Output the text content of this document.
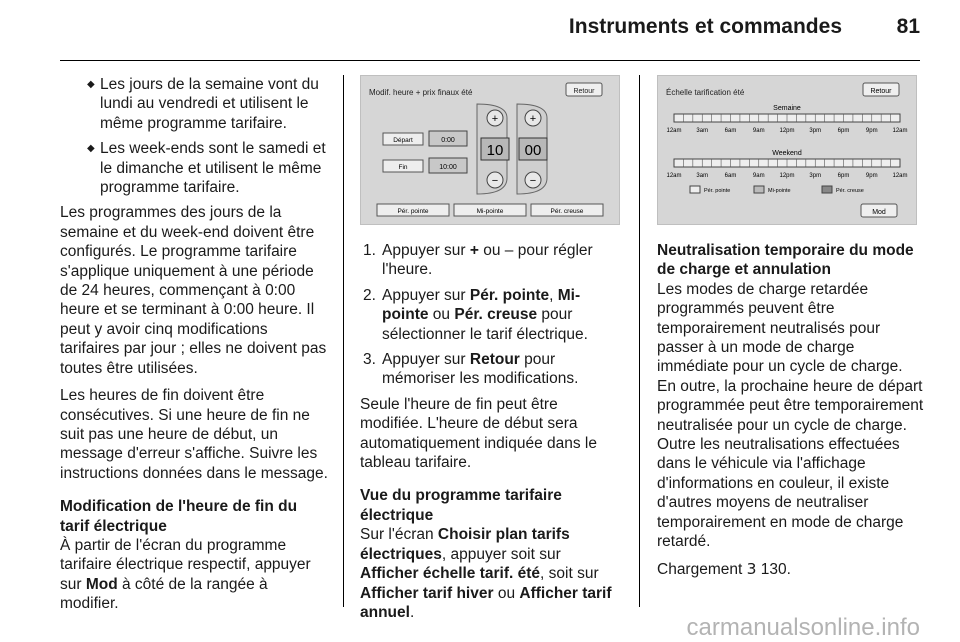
Instruments et commandes	81
◆ Les jours de la semaine vont du lundi au vendredi et utilisent le même programme tarifaire.
◆ Les week-ends sont le samedi et le dimanche et utilisent le même programme tarifaire.

Les programmes des jours de la semaine et du week-end doivent être configurés. Le programme tarifaire s'applique uniquement à une période de 24 heures, commençant à 0:00 heure et se terminant à 0:00 heure. Il peut y avoir cinq modifications tarifaires par jour ; elles ne doivent pas toutes être utilisées.

Les heures de fin doivent être consécutives. Si une heure de fin ne suit pas une heure de début, un message d'erreur s'affiche. Suivre les instructions données dans le message.

Modification de l'heure de fin du tarif électrique

À partir de l'écran du programme tarifaire électrique respectif, appuyer sur Mod à côté de la rangée à modifier.

Modif. heure + prix finaux été	Retour
Départ	0:00
Fin	10:00
+
−
10
+
−
00
Pér. pointe	Mi-pointe	Pér. creuse
1. Appuyer sur + ou – pour régler l'heure.
2. Appuyer sur Pér. pointe, Mi-pointe ou Pér. creuse pour sélectionner le tarif électrique.
3. Appuyer sur Retour pour mémoriser les modifications.

Seule l'heure de fin peut être modifiée. L'heure de début sera automatiquement indiquée dans le tableau tarifaire.

Vue du programme tarifaire électrique

Sur l'écran Choisir plan tarifs électriques, appuyer soit sur Afficher échelle tarif. été, soit sur Afficher tarif hiver ou Afficher tarif annuel.

Échelle tarification été	Retour
Semaine
12am 3am	6am	9am 12pm 3pm	6pm	9pm 12am
Weekend
12am 3am	6am	9am 12pm 3pm	6pm	9pm 12am
Pér. pointe	Mi-pointe	Pér. creuse
Mod
Neutralisation temporaire du mode de charge et annulation

Les modes de charge retardée programmés peuvent être temporairement neutralisés pour passer à un mode de charge immédiate pour un cycle de charge. En outre, la prochaine heure de départ programmée peut être temporairement neutralisée pour un cycle de charge. Outre les neutralisations effectuées dans le véhicule via l'affichage d'informations en couleur, il existe d'autres moyens de neutraliser temporairement en mode de charge retardé.

Chargement 3 130.

carmanualsonline.info
